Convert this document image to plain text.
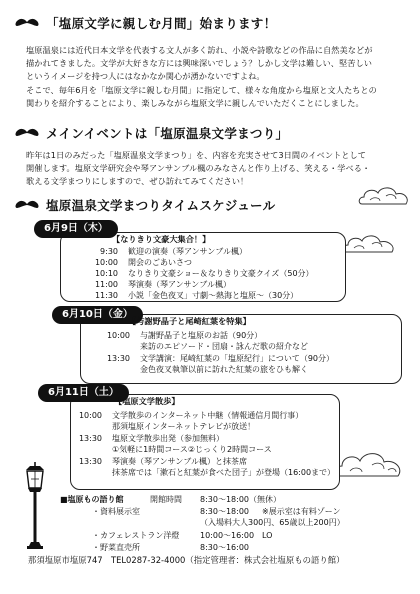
「塩原文学に親しむ月間」始まります！
塩原温泉には近代日本文学を代表する文人が多く訪れ、小説や詩歌などの作品に自然美などが
描かれてきました。文学が大好きな方には興味深いでしょう？しかし文学は難しい、堅苦しい
というイメージを持つ人にはなかなか関心が湧かないですよね。
そこで、毎年6月を「塩原文学に親しむ月間」に指定して、様々な角度から塩原と文人たちとの
関わりを紹介することにより、楽しみながら塩原文学に親しんでいただくことにしました。
メインイベントは「塩原温泉文学まつり」
昨年は1日のみだった「塩原温泉文学まつり」を、内容を充実させて3日間のイベントとして
開催します。塩原文学研究会や琴アンサンブル楓のみなさんと作り上げる、笑える・学べる・
歌える文学まつりにしますので、ぜひ訪れてみてください！
塩原温泉文学まつりタイムスケジュール
6月9日（木）
【なりきり文豪大集合！】
9:30	歓迎の演奏（琴アンサンブル楓）
10:00	開会のごあいさつ
10:10	なりきり文豪ショー＆なりきり文豪クイズ（50分）
11:00	琴演奏（琴アンサンブル楓）
11:30	小説「金色夜叉」寸劇〜熱海と塩原〜（30分）
6月10日（金）
【与謝野晶子と尾崎紅葉を特集】
10:00	与謝野晶子と塩原のお話（90分）
来訪のエピソード・団扇・詠んだ歌の紹介など
13:30	文学講演：尾崎紅葉の「塩原紀行」について（90分）
金色夜叉執筆以前に訪れた紅葉の旅をひも解く
6月11日（土）
【塩原文学散歩】
10:00	文学散歩のインターネット中継（情報通信月間行事）
那須塩原インターネットテレビが放送！
13:30	塩原文学散歩出発（参加無料）
①気軽に1時間コース②じっくり2時間コース
13:30	琴演奏（琴アンサンブル楓）と抹茶席
抹茶席では「漱石と紅葉が食べた団子」が登場（16:00まで）
■塩原もの語り館	開館時間 8:30〜18:00（無休）
・資料展示室	8:30〜18:00 ※展示室は有料ゾーン
（入場料大人300円、65歳以上200円）
・カフェレストラン洋燈	10:00〜16:00 LO
・野菜直売所	8:30〜16:00
那須塩原市塩原747　TEL0287-32-4000（指定管理者：株式会社塩原もの語り館）
